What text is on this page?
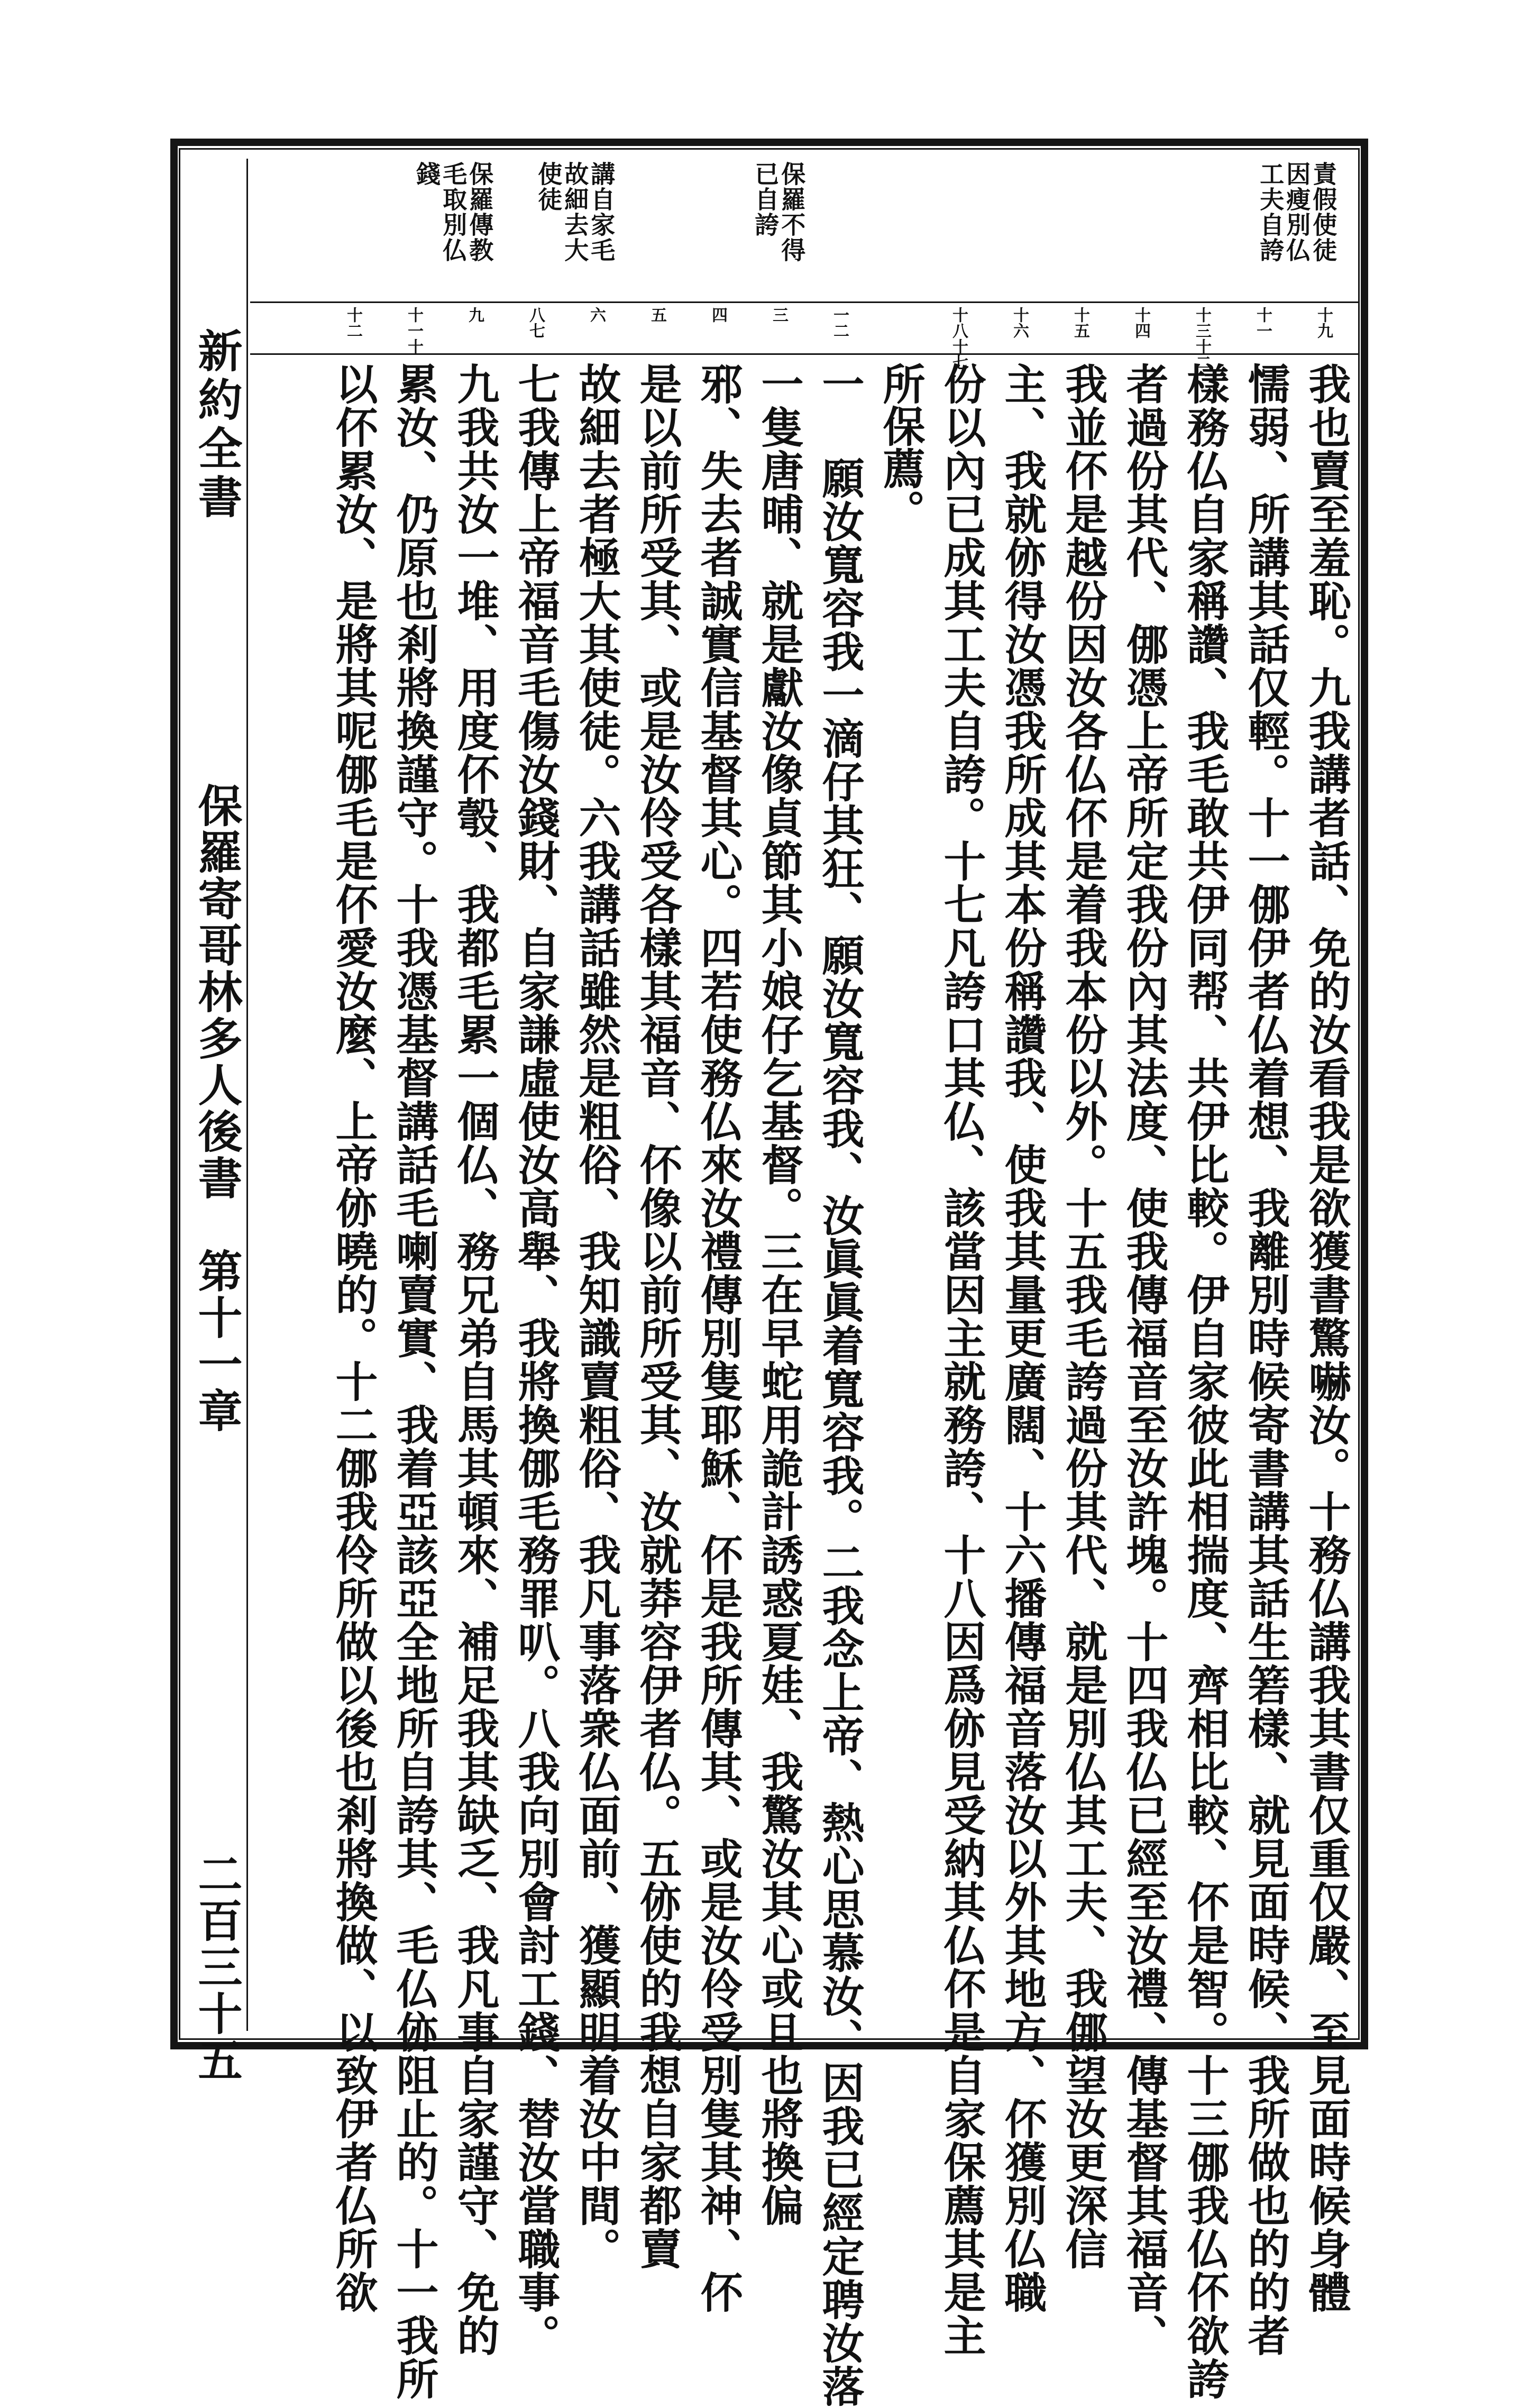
新約全書
保羅寄哥林多人後書　第十一章
二百三十五
責假使徒
因瘦別仏
工夫自誇
保羅不得
已自誇
講自家毛
故細去大
使徒
保羅傳教
毛取別仏
錢
十九
十一
十三十二
十四
十五
十六
十八十七
一二
三
四
五
六
八七
九
十一十
十二
我也賣至羞恥。九我講者話、免的汝看我是欲獲書驚嚇汝。十務仏講我其書仅重仅嚴、至見面時候身體
懦弱、所講其話仅輕。十一㑚伊者仏着想、我離別時候寄書講其話生箬樣、就見面時候、我所做也的的者
樣務仏自家稱讚、我毛敢共伊同帮、共伊比較。伊自家彼此相揣度、齊相比較、伓是智。十三㑚我仏伓欲誇
者過份其代、㑚憑上帝所定我份內其法度、使我傳福音至汝許塊。十四我仏已經至汝禮、傳基督其福音、
我並伓是越份因汝各仏伓是着我本份以外。十五我毛誇過份其代、就是別仏其工夫、我㑚望汝更深信
主、我就㑊得汝憑我所成其本份稱讚我、使我其量更廣闊、十六播傳福音落汝以外其地方、伓獲別仏職
份以內已成其工夫自誇。十七凡誇口其仏、該當因主就務誇、十八因爲㑊見受納其仏伓是自家保薦其是主
所保薦。
一 願汝寬容我一滴仔其狂、願汝寬容我、汝眞眞着寬容我。二我念上帝、熱心思慕汝、因我已經定聘汝落
一隻唐晡、就是獻汝像貞節其小娘仔乞基督。三在早蛇用詭計誘惑夏娃、我驚汝其心或且也將換偏
邪、失去者誠實信基督其心。四若使務仏來汝禮傳別隻耶穌、伓是我所傳其、或是汝伶受別隻其神、伓
是以前所受其、或是汝伶受各樣其福音、伓像以前所受其、汝就莽容伊者仏。五㑊使的我想自家都賣
故細去者極大其使徒。六我講話雖然是粗俗、我知識賣粗俗、我凡事落衆仏面前、獲顯明着汝中間。
七我傳上帝福音毛傷汝錢財、自家謙虛使汝高舉、我將換㑚毛務罪叭。八我向別會討工錢、替汝當職事。
九我共汝一堆、用度伓彀、我都毛累一個仏、務兄弟自馬其頓來、補足我其缺乏、我凡事自家謹守、免的
累汝、仍原也剎將換謹守。十我憑基督講話毛喇賣實、我着亞該亞全地所自誇其、毛仏㑊阻止的。十一我所
以伓累汝、是將其呢㑚毛是伓愛汝麼、上帝㑊曉的。十二㑚我伶所做以後也剎將換做、以致伊者仏所欲
